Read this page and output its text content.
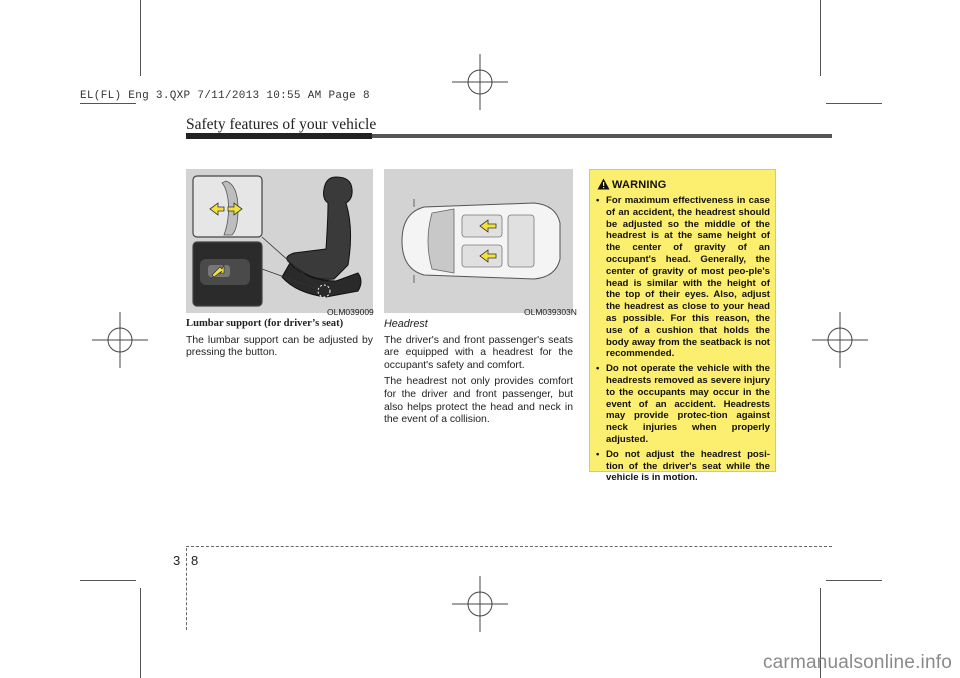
EL(FL) Eng 3.QXP 7/11/2013 10:55 AM Page 8
Safety features of your vehicle
OLM039009	OLM039303N

Lumbar support (for driver’s seat)

The lumbar support can be adjusted by pressing the button.

Headrest

The driver's and front passenger's seats are equipped with a headrest for the occupant's safety and comfort.

The headrest not only provides comfort for the driver and front passenger, but also helps protect the head and neck in the event of a collision.

WARNING
• For maximum effectiveness in case of an accident, the headrest should be adjusted so the middle of the headrest is at the same height of the center of gravity of an occupant's head. Generally, the center of gravity of most peo-ple's head is similar with the height of the top of their eyes. Also, adjust the headrest as close to your head as possible. For this reason, the use of a cushion that holds the body away from the seatback is not recommended.
• Do not operate the vehicle with the headrests removed as severe injury to the occupants may occur in the event of an accident. Headrests may provide protec-tion against neck injuries when properly adjusted.
• Do not adjust the headrest posi-tion of the driver's seat while the vehicle is in motion.
3 8
carmanualsonline.info
